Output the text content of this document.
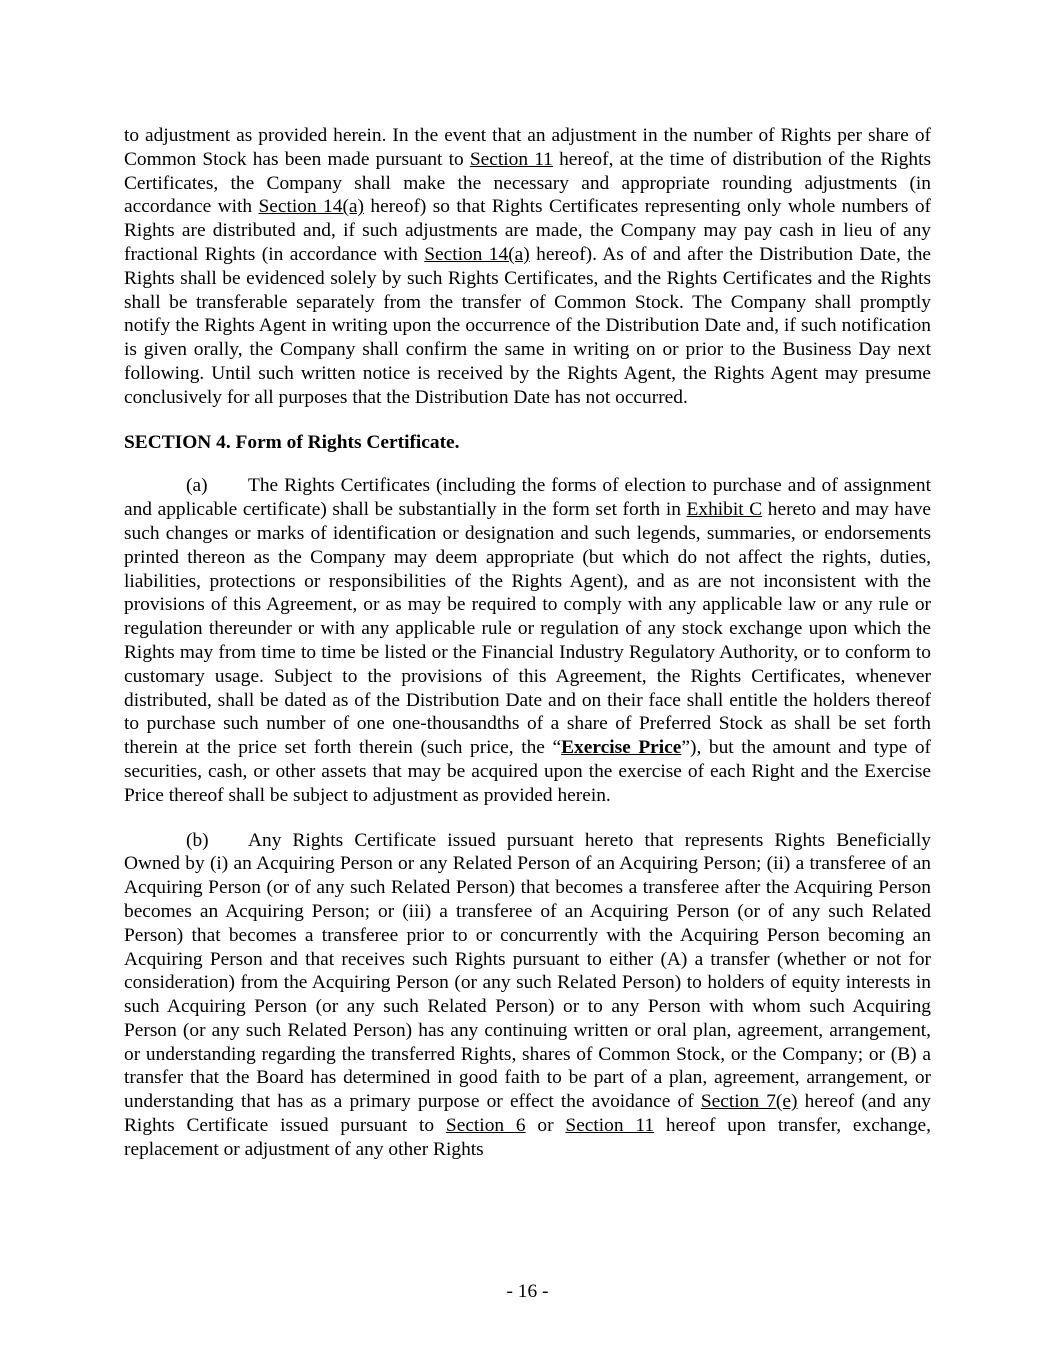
to adjustment as provided herein. In the event that an adjustment in the number of Rights per share of Common Stock has been made pursuant to Section 11 hereof, at the time of distribution of the Rights Certificates, the Company shall make the necessary and appropriate rounding adjustments (in accordance with Section 14(a) hereof) so that Rights Certificates representing only whole numbers of Rights are distributed and, if such adjustments are made, the Company may pay cash in lieu of any fractional Rights (in accordance with Section 14(a) hereof). As of and after the Distribution Date, the Rights shall be evidenced solely by such Rights Certificates, and the Rights Certificates and the Rights shall be transferable separately from the transfer of Common Stock. The Company shall promptly notify the Rights Agent in writing upon the occurrence of the Distribution Date and, if such notification is given orally, the Company shall confirm the same in writing on or prior to the Business Day next following. Until such written notice is received by the Rights Agent, the Rights Agent may presume conclusively for all purposes that the Distribution Date has not occurred.

SECTION 4. Form of Rights Certificate.

(a) The Rights Certificates (including the forms of election to purchase and of assignment and applicable certificate) shall be substantially in the form set forth in Exhibit C hereto and may have such changes or marks of identification or designation and such legends, summaries, or endorsements printed thereon as the Company may deem appropriate (but which do not affect the rights, duties, liabilities, protections or responsibilities of the Rights Agent), and as are not inconsistent with the provisions of this Agreement, or as may be required to comply with any applicable law or any rule or regulation thereunder or with any applicable rule or regulation of any stock exchange upon which the Rights may from time to time be listed or the Financial Industry Regulatory Authority, or to conform to customary usage. Subject to the provisions of this Agreement, the Rights Certificates, whenever distributed, shall be dated as of the Distribution Date and on their face shall entitle the holders thereof to purchase such number of one one-thousandths of a share of Preferred Stock as shall be set forth therein at the price set forth therein (such price, the “Exercise Price”), but the amount and type of securities, cash, or other assets that may be acquired upon the exercise of each Right and the Exercise Price thereof shall be subject to adjustment as provided herein.

(b) Any Rights Certificate issued pursuant hereto that represents Rights Beneficially Owned by (i) an Acquiring Person or any Related Person of an Acquiring Person; (ii) a transferee of an Acquiring Person (or of any such Related Person) that becomes a transferee after the Acquiring Person becomes an Acquiring Person; or (iii) a transferee of an Acquiring Person (or of any such Related Person) that becomes a transferee prior to or concurrently with the Acquiring Person becoming an Acquiring Person and that receives such Rights pursuant to either (A) a transfer (whether or not for consideration) from the Acquiring Person (or any such Related Person) to holders of equity interests in such Acquiring Person (or any such Related Person) or to any Person with whom such Acquiring Person (or any such Related Person) has any continuing written or oral plan, agreement, arrangement, or understanding regarding the transferred Rights, shares of Common Stock, or the Company; or (B) a transfer that the Board has determined in good faith to be part of a plan, agreement, arrangement, or understanding that has as a primary purpose or effect the avoidance of Section 7(e) hereof (and any Rights Certificate issued pursuant to Section 6 or Section 11 hereof upon transfer, exchange, replacement or adjustment of any other Rights

- 16 -
